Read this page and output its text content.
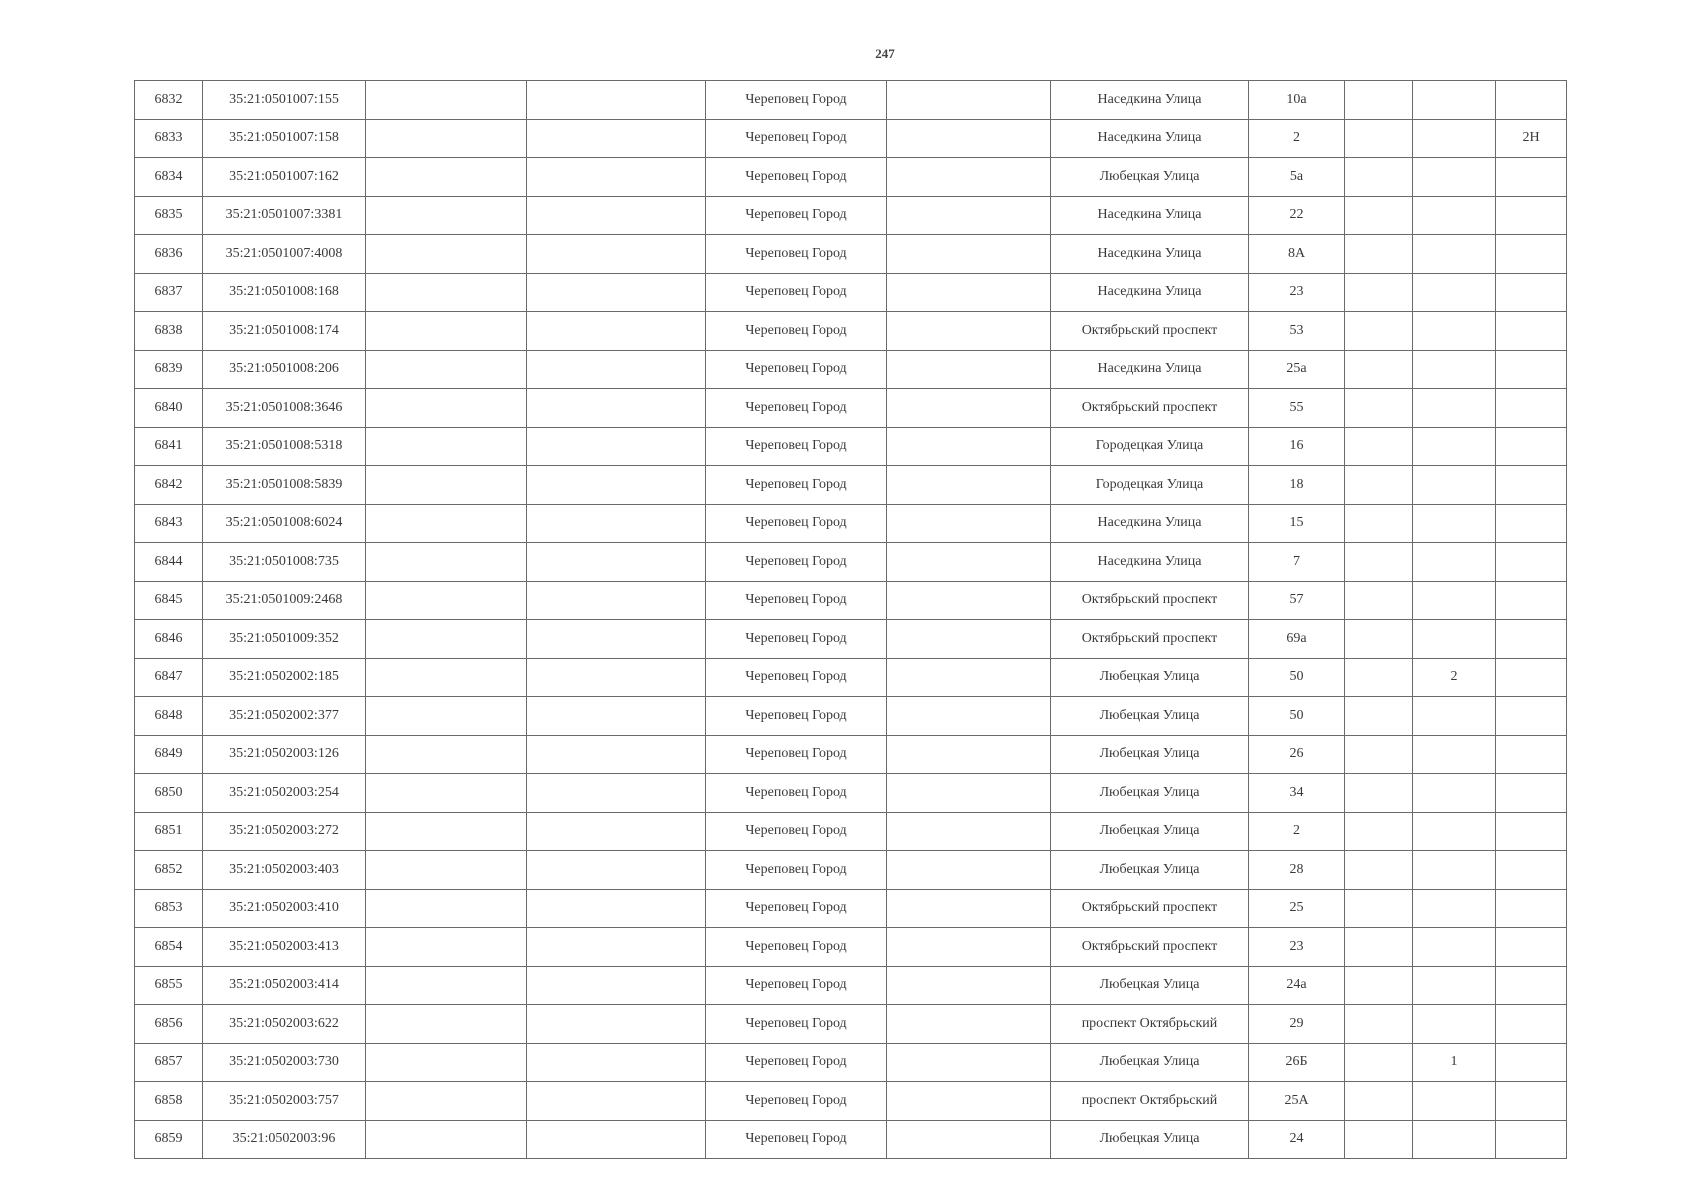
247
6832	35:21:0501007:155			Череповец Город		Наседкина Улица	10а			
6833	35:21:0501007:158			Череповец Город		Наседкина Улица	2			2Н
6834	35:21:0501007:162			Череповец Город		Любецкая Улица	5а			
6835	35:21:0501007:3381			Череповец Город		Наседкина Улица	22			
6836	35:21:0501007:4008			Череповец Город		Наседкина Улица	8А			
6837	35:21:0501008:168			Череповец Город		Наседкина Улица	23			
6838	35:21:0501008:174			Череповец Город		Октябрьский проспект	53			
6839	35:21:0501008:206			Череповец Город		Наседкина Улица	25а			
6840	35:21:0501008:3646			Череповец Город		Октябрьский проспект	55			
6841	35:21:0501008:5318			Череповец Город		Городецкая Улица	16			
6842	35:21:0501008:5839			Череповец Город		Городецкая Улица	18			
6843	35:21:0501008:6024			Череповец Город		Наседкина Улица	15			
6844	35:21:0501008:735			Череповец Город		Наседкина Улица	7			
6845	35:21:0501009:2468			Череповец Город		Октябрьский проспект	57			
6846	35:21:0501009:352			Череповец Город		Октябрьский проспект	69а			
6847	35:21:0502002:185			Череповец Город		Любецкая Улица	50		2	
6848	35:21:0502002:377			Череповец Город		Любецкая Улица	50			
6849	35:21:0502003:126			Череповец Город		Любецкая Улица	26			
6850	35:21:0502003:254			Череповец Город		Любецкая Улица	34			
6851	35:21:0502003:272			Череповец Город		Любецкая Улица	2			
6852	35:21:0502003:403			Череповец Город		Любецкая Улица	28			
6853	35:21:0502003:410			Череповец Город		Октябрьский проспект	25			
6854	35:21:0502003:413			Череповец Город		Октябрьский проспект	23			
6855	35:21:0502003:414			Череповец Город		Любецкая Улица	24а			
6856	35:21:0502003:622			Череповец Город		проспект Октябрьский	29			
6857	35:21:0502003:730			Череповец Город		Любецкая Улица	26Б		1	
6858	35:21:0502003:757			Череповец Город		проспект Октябрьский	25А			
6859	35:21:0502003:96			Череповец Город		Любецкая Улица	24			
